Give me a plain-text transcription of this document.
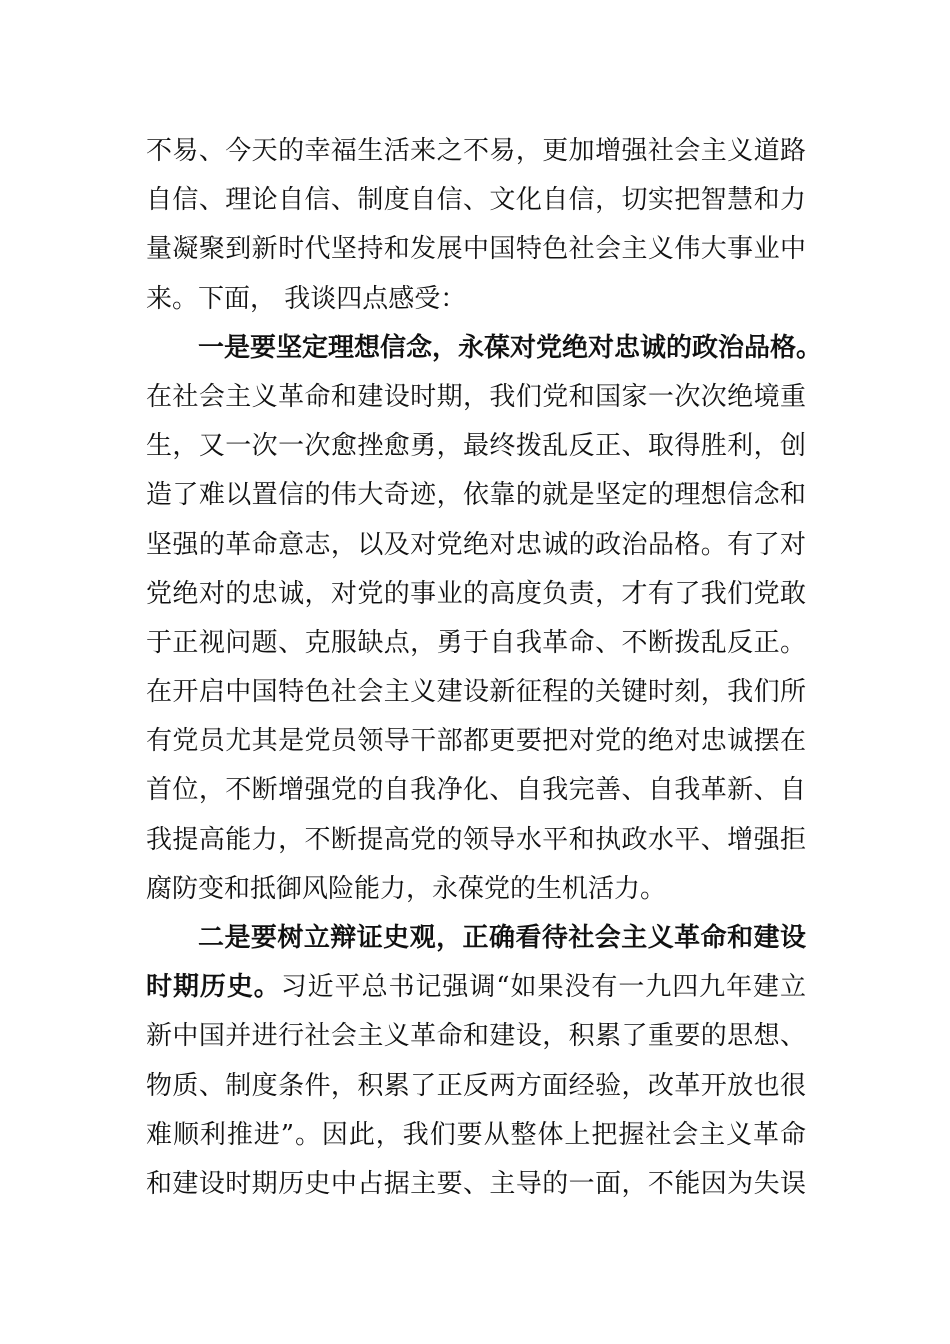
不易、今天的幸福生活来之不易，更加增强社会主义道路
自信、理论自信、制度自信、文化自信，切实把智慧和力
量凝聚到新时代坚持和发展中国特色社会主义伟大事业中
来。下面， 我谈四点感受：
一是要坚定理想信念，永葆对党绝对忠诚的政治品格。
在社会主义革命和建设时期，我们党和国家一次次绝境重
生，又一次一次愈挫愈勇，最终拨乱反正、取得胜利，创
造了难以置信的伟大奇迹，依靠的就是坚定的理想信念和
坚强的革命意志，以及对党绝对忠诚的政治品格。有了对
党绝对的忠诚，对党的事业的高度负责，才有了我们党敢
于正视问题、克服缺点，勇于自我革命、不断拨乱反正。
在开启中国特色社会主义建设新征程的关键时刻，我们所
有党员尤其是党员领导干部都更要把对党的绝对忠诚摆在
首位，不断增强党的自我净化、自我完善、自我革新、自
我提高能力，不断提高党的领导水平和执政水平、增强拒
腐防变和抵御风险能力，永葆党的生机活力。
二是要树立辩证史观，正确看待社会主义革命和建设
时期历史。习近平总书记强调“如果没有一九四九年建立
新中国并进行社会主义革命和建设，积累了重要的思想、
物质、制度条件，积累了正反两方面经验，改革开放也很
难顺利推进”。因此，我们要从整体上把握社会主义革命
和建设时期历史中占据主要、主导的一面，不能因为失误
